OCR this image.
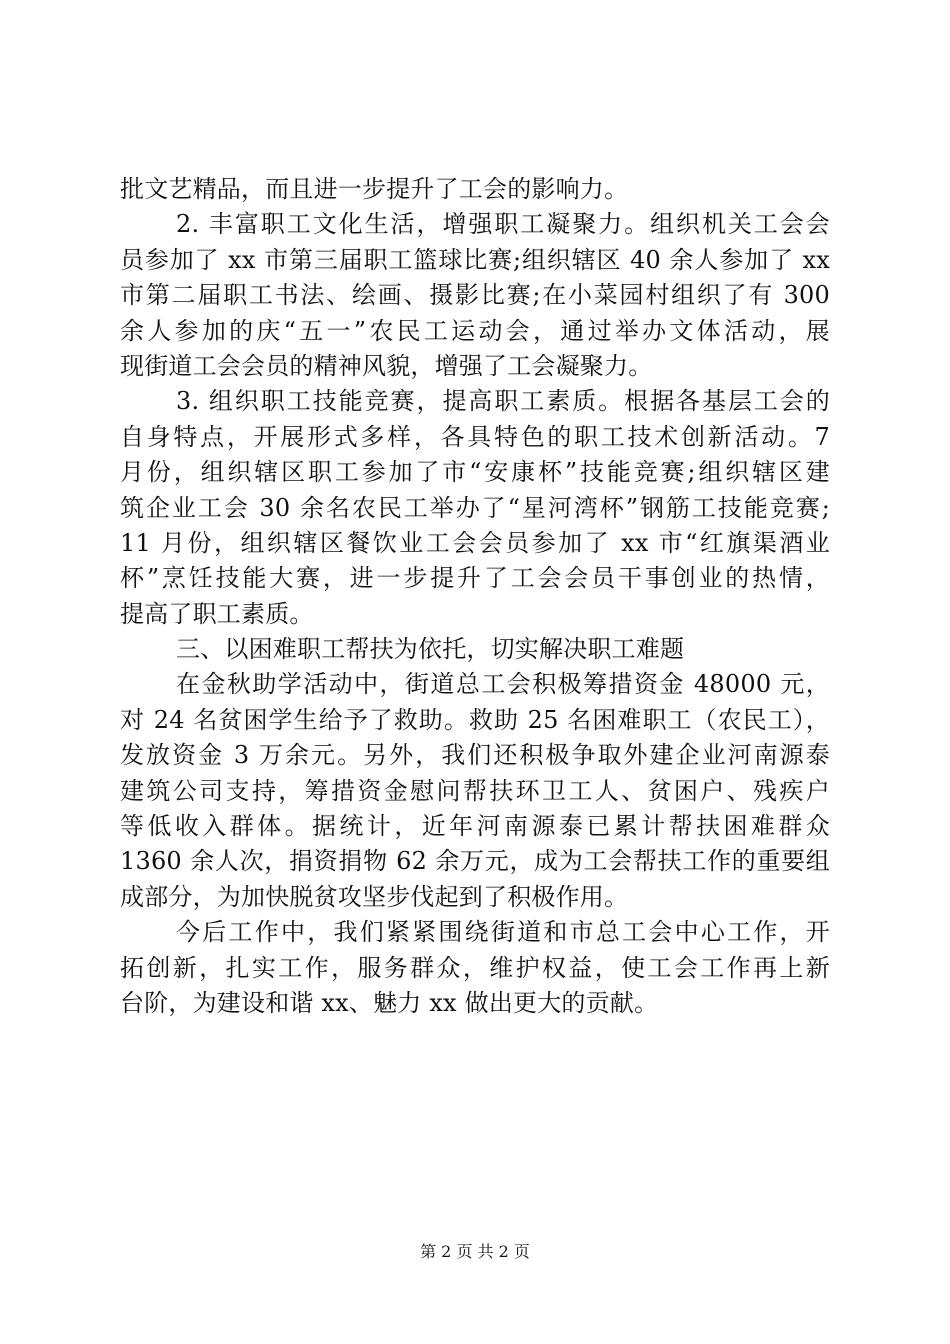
批文艺精品，而且进一步提升了工会的影响力。
2. 丰富职工文化生活，增强职工凝聚力。组织机关工会会
员参加了 xx 市第三届职工篮球比赛;组织辖区 40 余人参加了 xx
市第二届职工书法、绘画、摄影比赛;在小菜园村组织了有 300
余人参加的庆“五一”农民工运动会，通过举办文体活动，展
现街道工会会员的精神风貌，增强了工会凝聚力。
3. 组织职工技能竞赛，提高职工素质。根据各基层工会的
自身特点，开展形式多样，各具特色的职工技术创新活动。7
月份，组织辖区职工参加了市“安康杯”技能竞赛;组织辖区建
筑企业工会 30 余名农民工举办了“星河湾杯”钢筋工技能竞赛;
11 月份，组织辖区餐饮业工会会员参加了 xx 市“红旗渠酒业
杯”烹饪技能大赛，进一步提升了工会会员干事创业的热情，
提高了职工素质。
三、以困难职工帮扶为依托，切实解决职工难题
在金秋助学活动中，街道总工会积极筹措资金 48000 元，
对 24 名贫困学生给予了救助。救助 25 名困难职工（农民工），
发放资金 3 万余元。另外，我们还积极争取外建企业河南源泰
建筑公司支持，筹措资金慰问帮扶环卫工人、贫困户、残疾户
等低收入群体。据统计，近年河南源泰已累计帮扶困难群众
1360 余人次，捐资捐物 62 余万元，成为工会帮扶工作的重要组
成部分，为加快脱贫攻坚步伐起到了积极作用。
今后工作中，我们紧紧围绕街道和市总工会中心工作，开
拓创新，扎实工作，服务群众，维护权益，使工会工作再上新
台阶，为建设和谐 xx、魅力 xx 做出更大的贡献。
第 2 页 共 2 页
